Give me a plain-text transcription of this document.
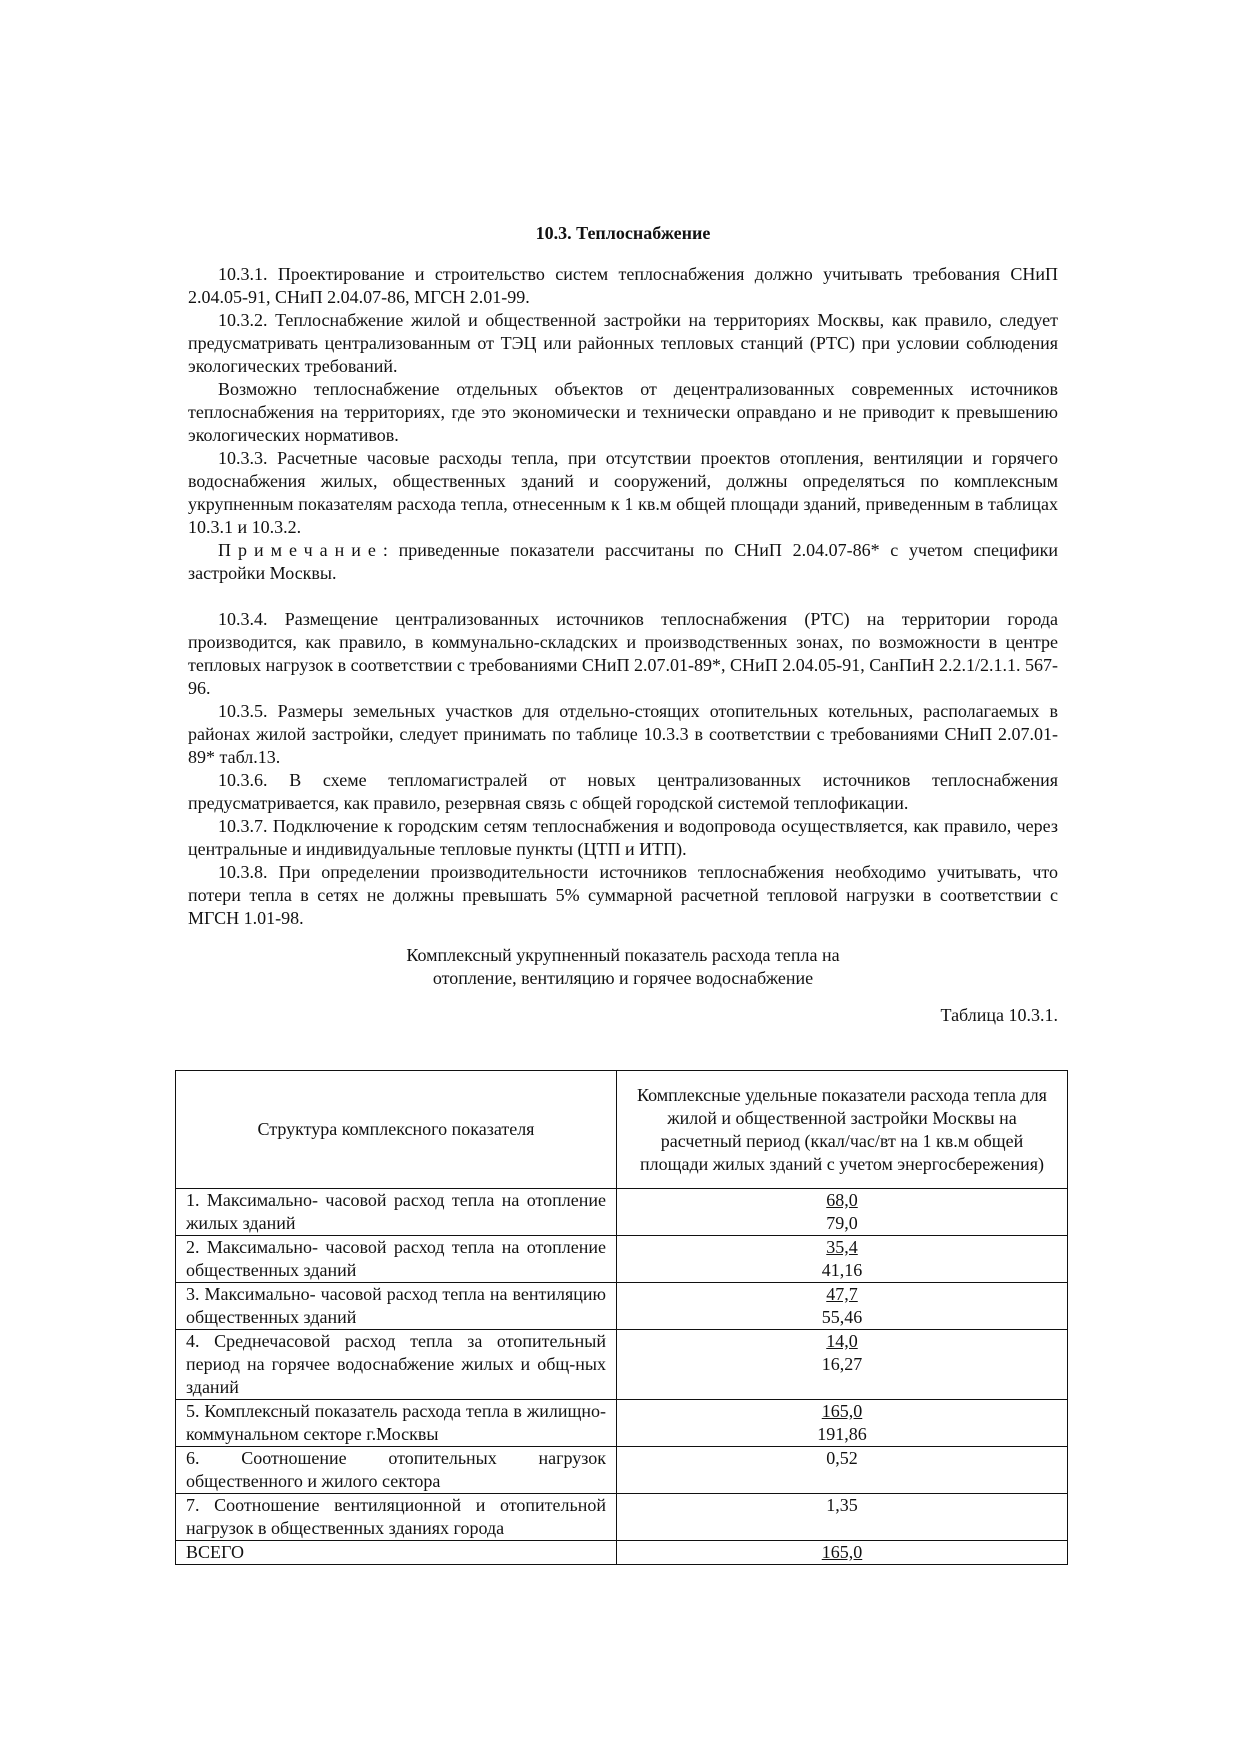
10.3. Теплоснабжение

10.3.1. Проектирование и строительство систем теплоснабжения должно учитывать требования СНиП 2.04.05-91, СНиП 2.04.07-86, МГСН 2.01-99.

10.3.2. Теплоснабжение жилой и общественной застройки на территориях Москвы, как правило, следует предусматривать централизованным от ТЭЦ или районных тепловых станций (РТС) при условии соблюдения экологических требований.

Возможно теплоснабжение отдельных объектов от децентрализованных современных источников теплоснабжения на территориях, где это экономически и технически оправдано и не приводит к превышению экологических нормативов.

10.3.3. Расчетные часовые расходы тепла, при отсутствии проектов отопления, вентиляции и горячего водоснабжения жилых, общественных зданий и сооружений, должны определяться по комплексным укрупненным показателям расхода тепла, отнесенным к 1 кв.м общей площади зданий, приведенным в таблицах 10.3.1 и 10.3.2.

Примечание: приведенные показатели рассчитаны по СНиП 2.04.07-86* с учетом специфики застройки Москвы.

10.3.4. Размещение централизованных источников теплоснабжения (РТС) на территории города производится, как правило, в коммунально-складских и производственных зонах, по возможности в центре тепловых нагрузок в соответствии с требованиями СНиП 2.07.01-89*, СНиП 2.04.05-91, СанПиН 2.2.1/2.1.1. 567-96.

10.3.5. Размеры земельных участков для отдельно-стоящих отопительных котельных, располагаемых в районах жилой застройки, следует принимать по таблице 10.3.3 в соответствии с требованиями СНиП 2.07.01-89* табл.13.

10.3.6. В схеме тепломагистралей от новых централизованных источников теплоснабжения предусматривается, как правило, резервная связь с общей городской системой теплофикации.

10.3.7. Подключение к городским сетям теплоснабжения и водопровода осуществляется, как правило, через центральные и индивидуальные тепловые пункты (ЦТП и ИТП).

10.3.8. При определении производительности источников теплоснабжения необходимо учитывать, что потери тепла в сетях не должны превышать 5% суммарной расчетной тепловой нагрузки в соответствии с МГСН 1.01-98.

Комплексный укрупненный показатель расхода тепла на
отопление, вентиляцию и горячее водоснабжение
Таблица 10.3.1.
Структура комплексного показателя	Комплексные удельные показатели расхода тепла для жилой и общественной застройки Москвы на расчетный период (ккал/час/вт на 1 кв.м общей площади жилых зданий с учетом энергосбережения)
1. Максимально- часовой расход тепла на отопление жилых зданий	68,0
79,0

2. Максимально- часовой расход тепла на отопление общественных зданий	35,4
41,16

3. Максимально- часовой расход тепла на вентиляцию общественных зданий	47,7
55,46

4. Среднечасовой расход тепла за отопительный период на горячее водоснабжение жилых и общ-ных зданий	14,0
16,27

5. Комплексный показатель расхода тепла в жилищно-коммунальном секторе г.Москвы	165,0
191,86

6. Соотношение отопительных нагрузок общественного и жилого сектора	0,52

7. Соотношение вентиляционной и отопительной нагрузок в общественных зданиях города	1,35

ВСЕГО	165,0
